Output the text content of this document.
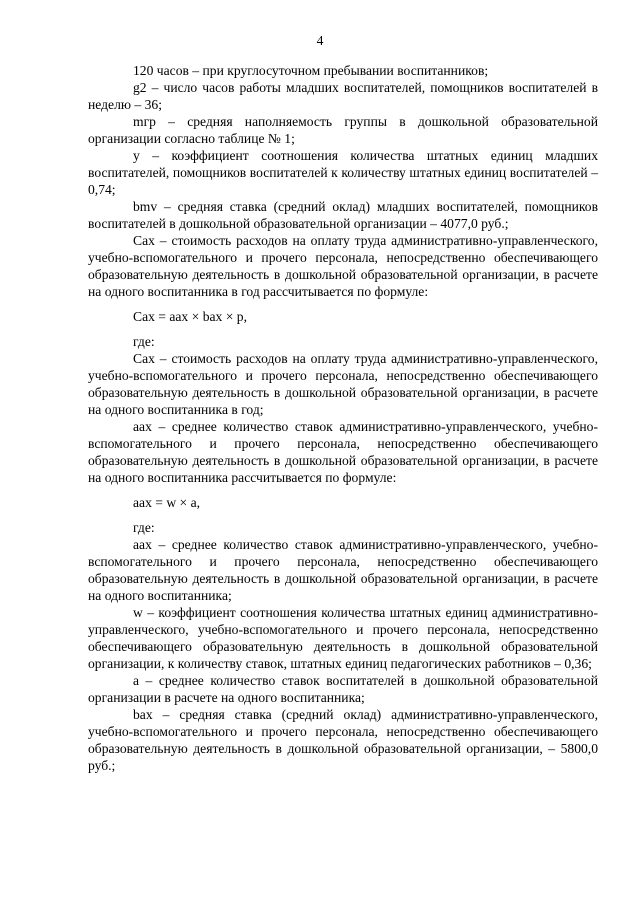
4

120 часов – при круглосуточном пребывании воспитанников;

g2 – число часов работы младших воспитателей, помощников воспитателей в неделю – 36;

mгр – средняя наполняемость группы в дошкольной образовательной организации согласно таблице № 1;

y – коэффициент соотношения количества штатных единиц младших воспитателей, помощников воспитателей к количеству штатных единиц воспитателей – 0,74;

bmv – средняя ставка (средний оклад) младших воспитателей, помощников воспитателей в дошкольной образовательной организации – 4077,0 руб.;

Сах – стоимость расходов на оплату труда административно-управленческого, учебно-вспомогательного и прочего персонала, непосредственно обеспечивающего образовательную деятельность в дошкольной образовательной организации, в расчете на одного воспитанника в год рассчитывается по формуле:

Сах = аах × bах × р,

где:

Сах – стоимость расходов на оплату труда административно-управленческого, учебно-вспомогательного и прочего персонала, непосредственно обеспечивающего образовательную деятельность в дошкольной образовательной организации, в расчете на одного воспитанника в год;

аах – среднее количество ставок административно-управленческого, учебно-вспомогательного и прочего персонала, непосредственно обеспечивающего образовательную деятельность в дошкольной образовательной организации, в расчете на одного воспитанника рассчитывается по формуле:

аах = w × а,

где:

аах – среднее количество ставок административно-управленческого, учебно-вспомогательного и прочего персонала, непосредственно обеспечивающего образовательную деятельность в дошкольной образовательной организации, в расчете на одного воспитанника;

w – коэффициент соотношения количества штатных единиц административно-управленческого, учебно-вспомогательного и прочего персонала, непосредственно обеспечивающего образовательную деятельность в дошкольной образовательной организации, к количеству ставок, штатных единиц педагогических работников – 0,36;

а – среднее количество ставок воспитателей в дошкольной образовательной организации в расчете на одного воспитанника;

bах – средняя ставка (средний оклад) административно-управленческого, учебно-вспомогательного и прочего персонала, непосредственно обеспечивающего образовательную деятельность в дошкольной образовательной организации, – 5800,0 руб.;
